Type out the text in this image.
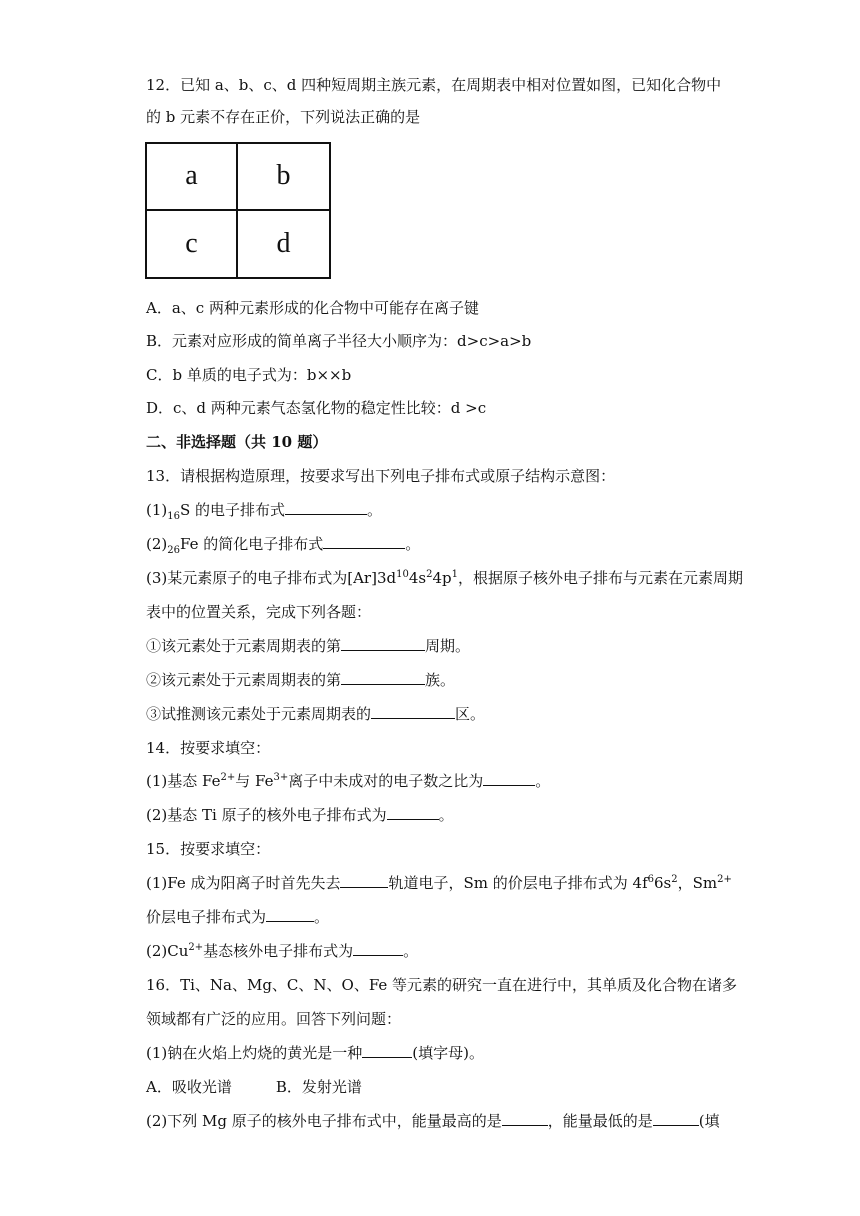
12．已知 a、b、c、d 四种短周期主族元素，在周期表中相对位置如图，已知化合物中
的 b 元素不存在正价，下列说法正确的是
a	b
c	d
A．a、c 两种元素形成的化合物中可能存在离子键
B．元素对应形成的简单离子半径大小顺序为：d>c>a>b
C．b 单质的电子式为：b××b
D．c、d 两种元素气态氢化物的稳定性比较：d >c
二、非选择题（共 10 题）
13．请根据构造原理，按要求写出下列电子排布式或原子结构示意图：
$(1)_{16}S$ 的电子排布式	。
$(2)_{26}Fe$ 的简化电子排布式	。
(3)某元素原子的电子排布式为$[Ar]3d^{10}4s^24p^1$，根据原子核外电子排布与元素在元素周期
表中的位置关系，完成下列各题：
①该元素处于元素周期表的第	周期。
②该元素处于元素周期表的第	族。
③试推测该元素处于元素周期表的	区。
14．按要求填空：
(1)基态 $Fe^{2+}$与 $Fe^{3+}$离子中未成对的电子数之比为	。
(2)基态 Ti 原子的核外电子排布式为	。
15．按要求填空：
(1)Fe 成为阳离子时首先失去	轨道电子，Sm 的价层电子排布式为 $4f^66s^2$，$Sm^{2+}$
价层电子排布式为	。
$(2)Cu^{2+}$基态核外电子排布式为	。
16．Ti、Na、Mg、C、N、O、Fe 等元素的研究一直在进行中，其单质及化合物在诸多
领域都有广泛的应用。回答下列问题：
(1)钠在火焰上灼烧的黄光是一种	(填字母)。
A．吸收光谱	B．发射光谱
(2)下列 Mg 原子的核外电子排布式中，能量最高的是	，能量最低的是	(填
